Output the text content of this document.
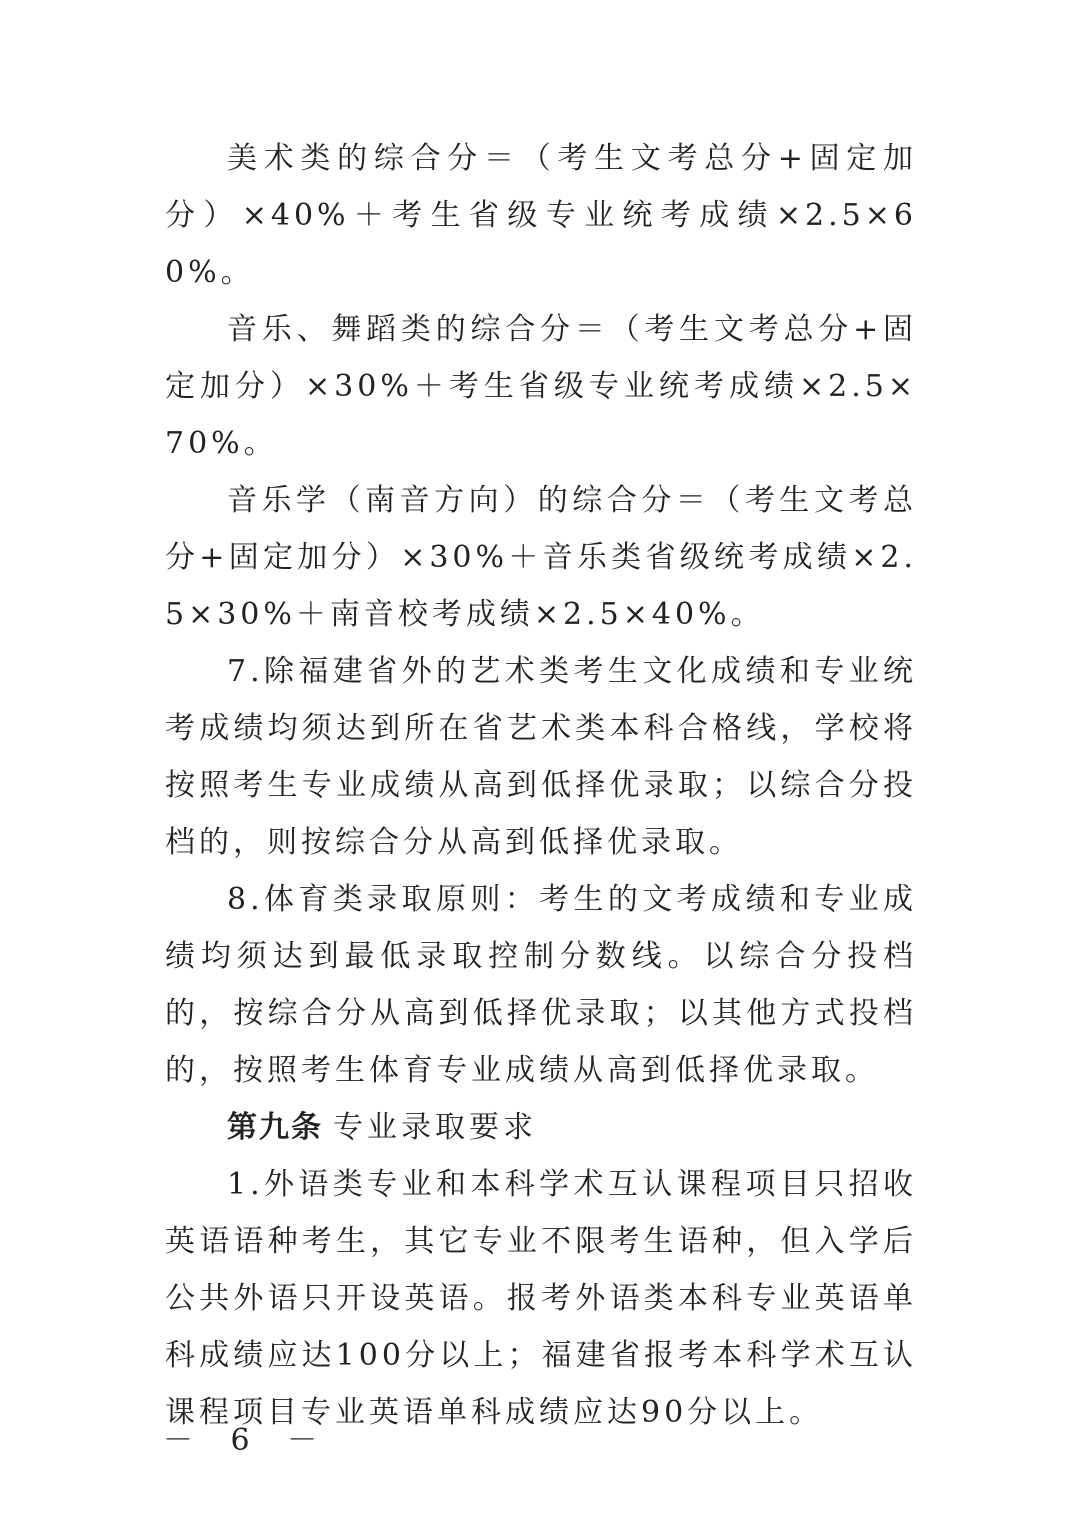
美术类的综合分＝（考生文考总分+固定加分）×40%＋考生省级专业统考成绩×2.5×60%。

音乐、舞蹈类的综合分＝（考生文考总分+固定加分）×30%＋考生省级专业统考成绩×2.5×70%。

音乐学（南音方向）的综合分＝（考生文考总分+固定加分）×30%＋音乐类省级统考成绩×2.5×30%＋南音校考成绩×2.5×40%。

7.除福建省外的艺术类考生文化成绩和专业统考成绩均须达到所在省艺术类本科合格线，学校将按照考生专业成绩从高到低择优录取；以综合分投档的，则按综合分从高到低择优录取。

8.体育类录取原则：考生的文考成绩和专业成绩均须达到最低录取控制分数线。以综合分投档的，按综合分从高到低择优录取；以其他方式投档的，按照考生体育专业成绩从高到低择优录取。

第九条 专业录取要求

1.外语类专业和本科学术互认课程项目只招收英语语种考生，其它专业不限考生语种，但入学后公共外语只开设英语。报考外语类本科专业英语单科成绩应达100分以上；福建省报考本科学术互认课程项目专业英语单科成绩应达90分以上。

－ 6 －
